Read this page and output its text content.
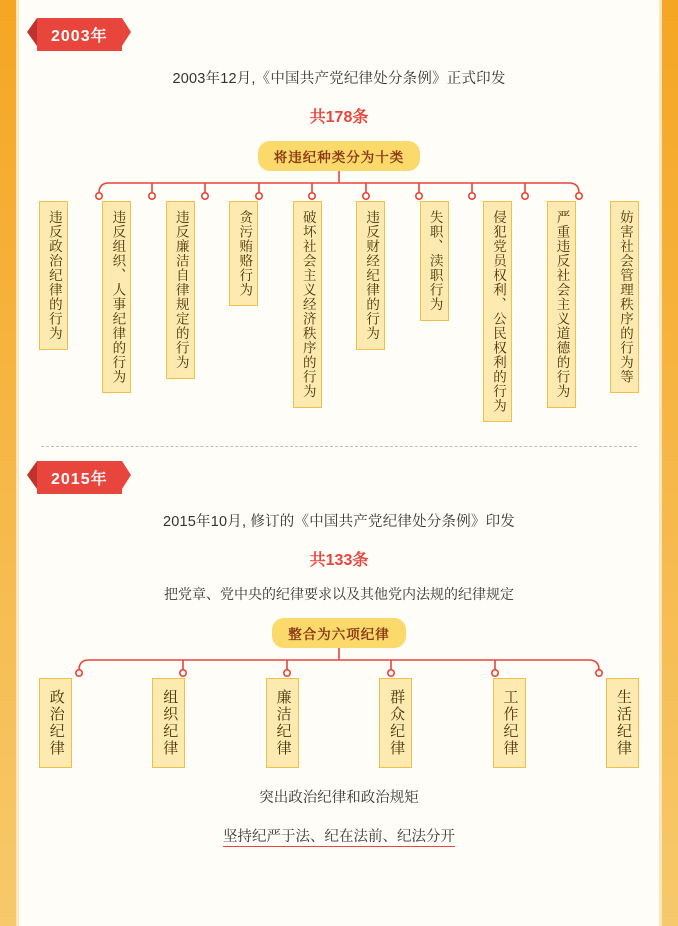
2003年
2003年12月,《中国共产党纪律处分条例》正式印发
共178条
将违纪种类分为十类
违反政治纪律的行为	违反组织、人事纪律的行为	违反廉洁自律规定的行为	贪污贿赂行为	破坏社会主义经济秩序的行为	违反财经纪律的行为	失职、渎职行为	侵犯党员权利、公民权利的行为	严重违反社会主义道德的行为	妨害社会管理秩序的行为等
2015年
2015年10月, 修订的《中国共产党纪律处分条例》印发
共133条
把党章、党中央的纪律要求以及其他党内法规的纪律规定
整合为六项纪律
政治纪律	组织纪律	廉洁纪律	群众纪律	工作纪律	生活纪律
突出政治纪律和政治规矩
坚持纪严于法、纪在法前、纪法分开
